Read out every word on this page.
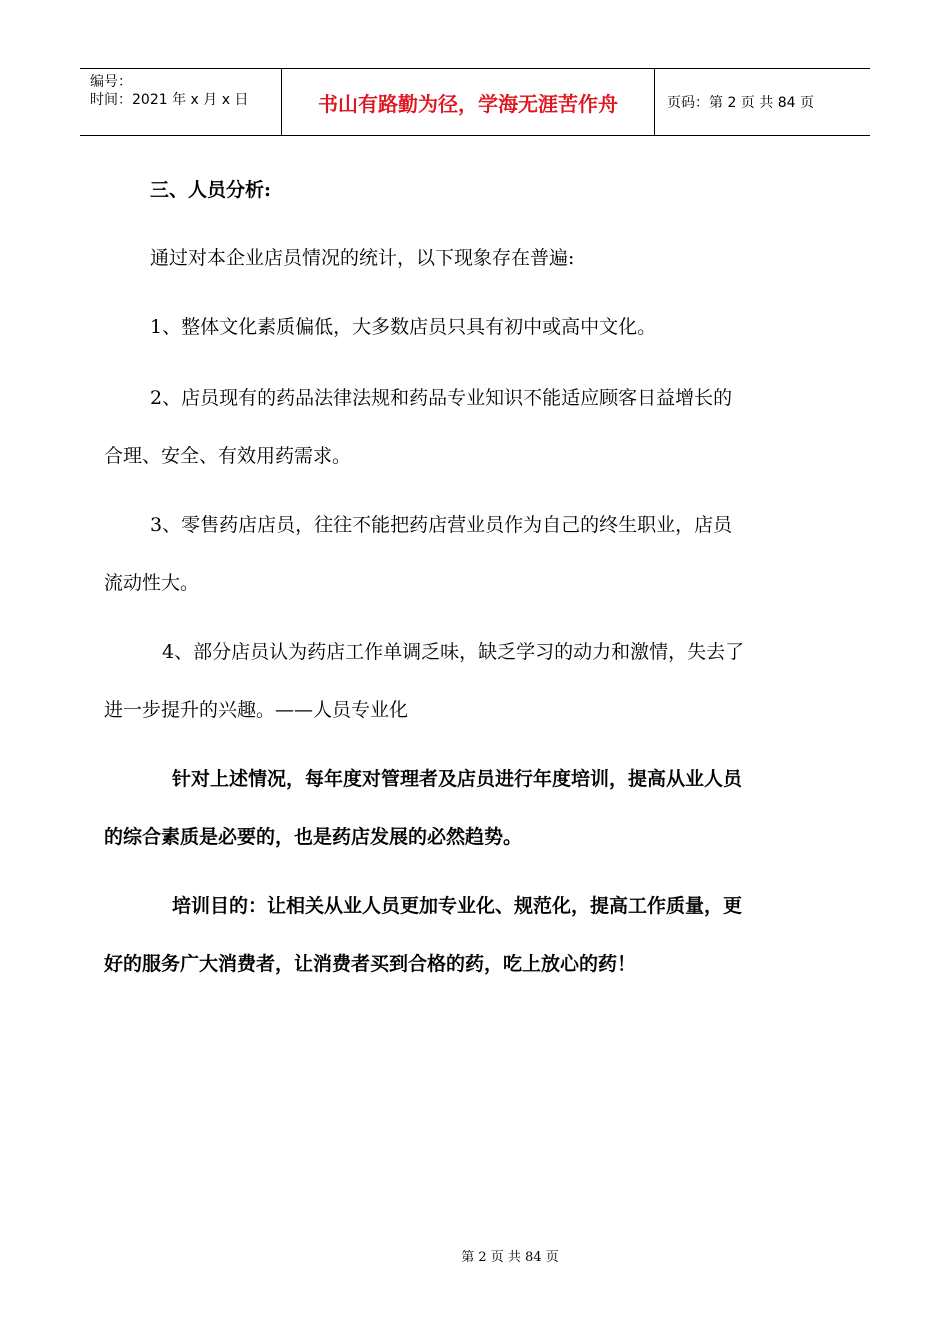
编号：
时间：2021 年 x 月 x 日	书山有路勤为径，学海无涯苦作舟	页码：第 2 页 共 84 页
三、人员分析:
通过对本企业店员情况的统计，以下现象存在普遍:
1、整体文化素质偏低，大多数店员只具有初中或高中文化。
2、店员现有的药品法律法规和药品专业知识不能适应顾客日益增长的
合理、安全、有效用药需求。
3、零售药店店员，往往不能把药店营业员作为自己的终生职业，店员
流动性大。
4、部分店员认为药店工作单调乏味，缺乏学习的动力和激情，失去了
进一步提升的兴趣。——人员专业化
针对上述情况，每年度对管理者及店员进行年度培训，提高从业人员
的综合素质是必要的，也是药店发展的必然趋势。
培训目的：让相关从业人员更加专业化、规范化，提高工作质量，更
好的服务广大消费者，让消费者买到合格的药，吃上放心的药！
第 2 页 共 84 页
